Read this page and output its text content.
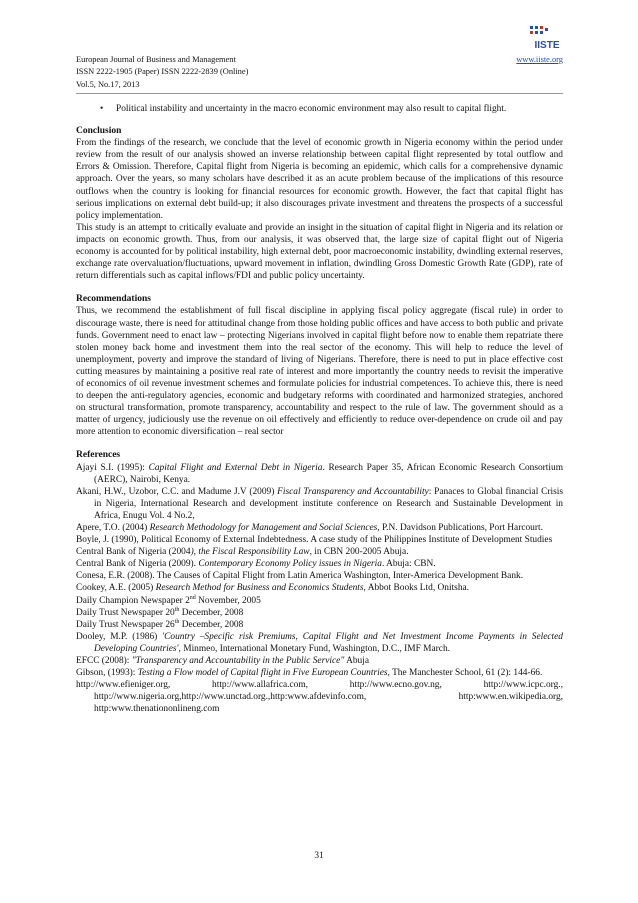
European Journal of Business and Management
ISSN 2222-1905 (Paper) ISSN 2222-2839 (Online)
Vol.5, No.17, 2013
www.iiste.org
IISTE
• Political instability and uncertainty in the macro economic environment may also result to capital flight.
Conclusion

From the findings of the research, we conclude that the level of economic growth in Nigeria economy within the period under review from the result of our analysis showed an inverse relationship between capital flight represented by total outflow and Errors & Omission. Therefore, Capital flight from Nigeria is becoming an epidemic, which calls for a comprehensive dynamic approach. Over the years, so many scholars have described it as an acute problem because of the implications of this resource outflows when the country is looking for financial resources for economic growth. However, the fact that capital flight has serious implications on external debt build-up; it also discourages private investment and threatens the prospects of a successful policy implementation.

This study is an attempt to critically evaluate and provide an insight in the situation of capital flight in Nigeria and its relation or impacts on economic growth. Thus, from our analysis, it was observed that, the large size of capital flight out of Nigeria economy is accounted for by political instability, high external debt, poor macroeconomic instability, dwindling external reserves, exchange rate overvaluation/fluctuations, upward movement in inflation, dwindling Gross Domestic Growth Rate (GDP), rate of return differentials such as capital inflows/FDI and public policy uncertainty.

Recommendations

Thus, we recommend the establishment of full fiscal discipline in applying fiscal policy aggregate (fiscal rule) in order to discourage waste, there is need for attitudinal change from those holding public offices and have access to both public and private funds. Government need to enact law – protecting Nigerians involved in capital flight before now to enable them repatriate there stolen money back home and investment them into the real sector of the economy. This will help to reduce the level of unemployment, poverty and improve the standard of living of Nigerians. Therefore, there is need to put in place effective cost cutting measures by maintaining a positive real rate of interest and more importantly the country needs to revisit the imperative of economics of oil revenue investment schemes and formulate policies for industrial competences. To achieve this, there is need to deepen the anti-regulatory agencies, economic and budgetary reforms with coordinated and harmonized strategies, anchored on structural transformation, promote transparency, accountability and respect to the rule of law. The government should as a matter of urgency, judiciously use the revenue on oil effectively and efficiently to reduce over-dependence on crude oil and pay more attention to economic diversification – real sector

References
Ajayi S.I. (1995): Capital Flight and External Debt in Nigeria. Research Paper 35, African Economic Research Consortium (AERC), Nairobi, Kenya.
Akani, H.W., Uzobor, C.C. and Madume J.V (2009) Fiscal Transparency and Accountability: Panaces to Global financial Crisis in Nigeria, International Research and development institute conference on Research and Sustainable Development in Africa, Enugu Vol. 4 No.2,
Apere, T.O. (2004) Research Methodology for Management and Social Sciences, P.N. Davidson Publications, Port Harcourt.
Boyle, J. (1990), Political Economy of External Indebtedness. A case study of the Philippines Institute of Development Studies
Central Bank of Nigeria (2004), the Fiscal Responsibility Law, in CBN 200-2005 Abuja.
Central Bank of Nigeria (2009). Contemporary Economy Policy issues in Nigeria. Abuja: CBN.
Conesa, E.R. (2008). The Causes of Capital Flight from Latin America Washington, Inter-America Development Bank.
Cookey, A.E. (2005) Research Method for Business and Economics Students, Abbot Books Ltd, Onitsha.
Daily Champion Newspaper 2nd November, 2005
Daily Trust Newspaper 20th December, 2008
Daily Trust Newspaper 26th December, 2008
Dooley, M.P. (1986) 'Country –Specific risk Premiums, Capital Flight and Net Investment Income Payments in Selected Developing Countries', Minmeo, International Monetary Fund, Washington, D.C., IMF March.
EFCC (2008): "Transparency and Accountability in the Public Service" Abuja
Gibson, (1993): Testing a Flow model of Capital flight in Five European Countries, The Manchester School, 61 (2): 144-66.
http://www.efieniger.org, http://www.allafrica.com, http://www.ecno.gov.ng, http://www.icpc.org., http://www.nigeria.org,http://www.unctad.org.,http:www.afdevinfo.com, http:www.en.wikipedia.org, http:www.thenationonlineng.com
31
